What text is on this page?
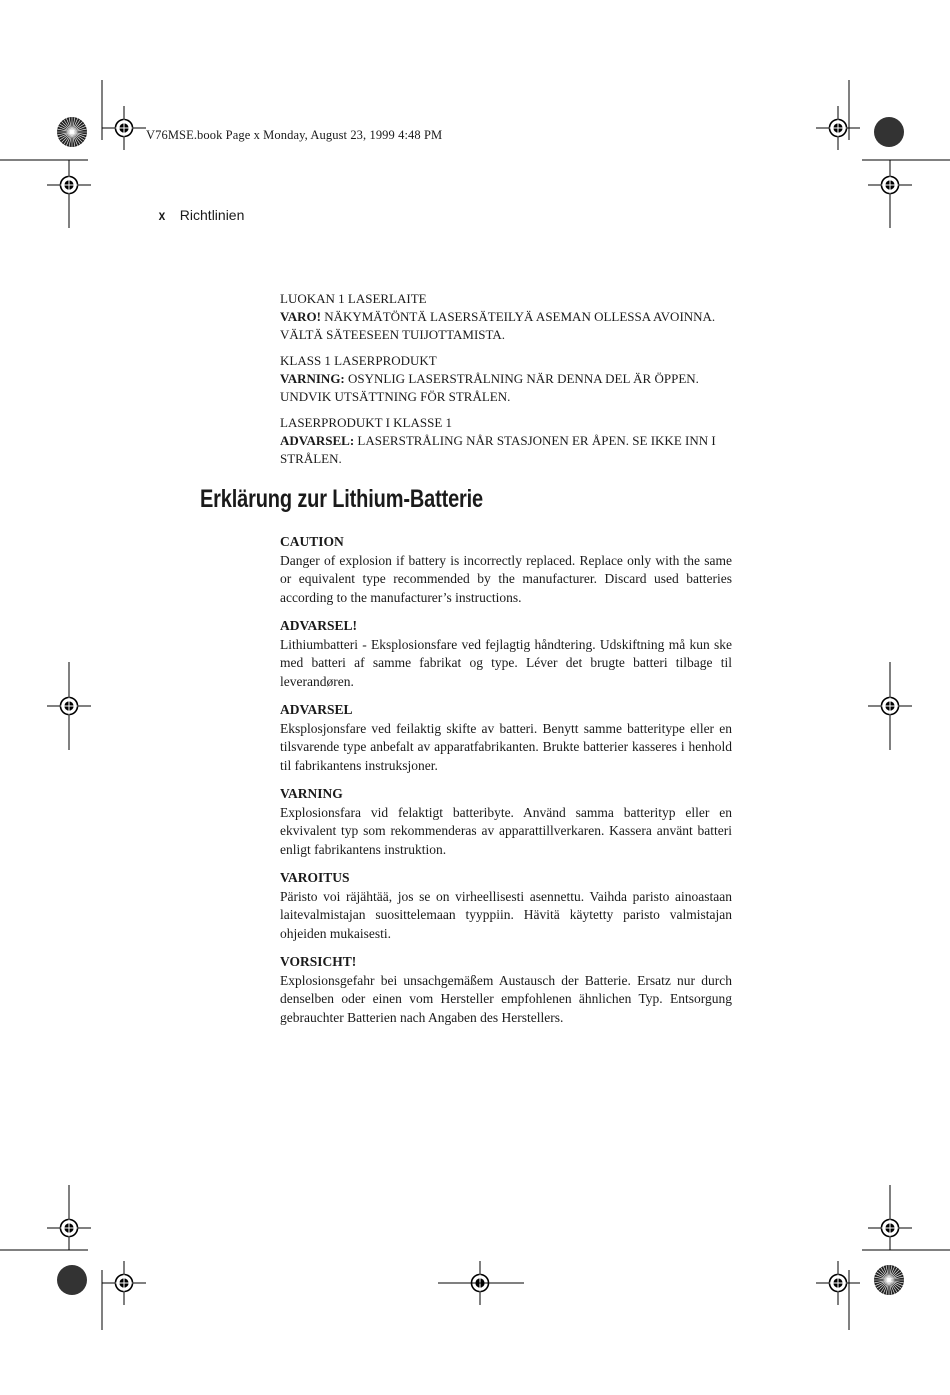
V76MSE.book Page x Monday, August 23, 1999 4:48 PM
x Richtlinien
LUOKAN 1 LASERLAITE
VARO! NÄKYMÄTÖNTÄ LASERSÄTEILYÄ ASEMAN OLLESSA AVOINNA. VÄLTÄ SÄTEESEEN TUIJOTTAMISTA.
KLASS 1 LASERPRODUKT
VARNING: OSYNLIG LASERSTRÅLNING NÄR DENNA DEL ÄR ÖPPEN. UNDVIK UTSÄTTNING FÖR STRÅLEN.
LASERPRODUKT I KLASSE 1
ADVARSEL: LASERSTRÅLING NÅR STASJONEN ER ÅPEN. SE IKKE INN I STRÅLEN.
Erklärung zur Lithium-Batterie
CAUTION
Danger of explosion if battery is incorrectly replaced. Replace only with the same or equivalent type recommended by the manufacturer. Discard used batteries according to the manufacturer’s instructions.
ADVARSEL!
Lithiumbatteri - Eksplosionsfare ved fejlagtig håndtering. Udskiftning må kun ske med batteri af samme fabrikat og type. Léver det brugte batteri tilbage til leverandøren.
ADVARSEL
Eksplosjonsfare ved feilaktig skifte av batteri. Benytt samme batteritype eller en tilsvarende type anbefalt av apparatfabrikanten. Brukte batterier kasseres i henhold til fabrikantens instruksjoner.
VARNING
Explosionsfara vid felaktigt batteribyte. Använd samma batterityp eller en ekvivalent typ som rekommenderas av apparattillverkaren. Kassera använt batteri enligt fabrikantens instruktion.
VAROITUS
Päristo voi räjähtää, jos se on virheellisesti asennettu. Vaihda paristo ainoastaan laitevalmistajan suosittelemaan tyyppiin. Hävitä käytetty paristo valmistajan ohjeiden mukaisesti.
VORSICHT!
Explosionsgefahr bei unsachgemäßem Austausch der Batterie. Ersatz nur durch denselben oder einen vom Hersteller empfohlenen ähnlichen Typ. Entsorgung gebrauchter Batterien nach Angaben des Herstellers.
